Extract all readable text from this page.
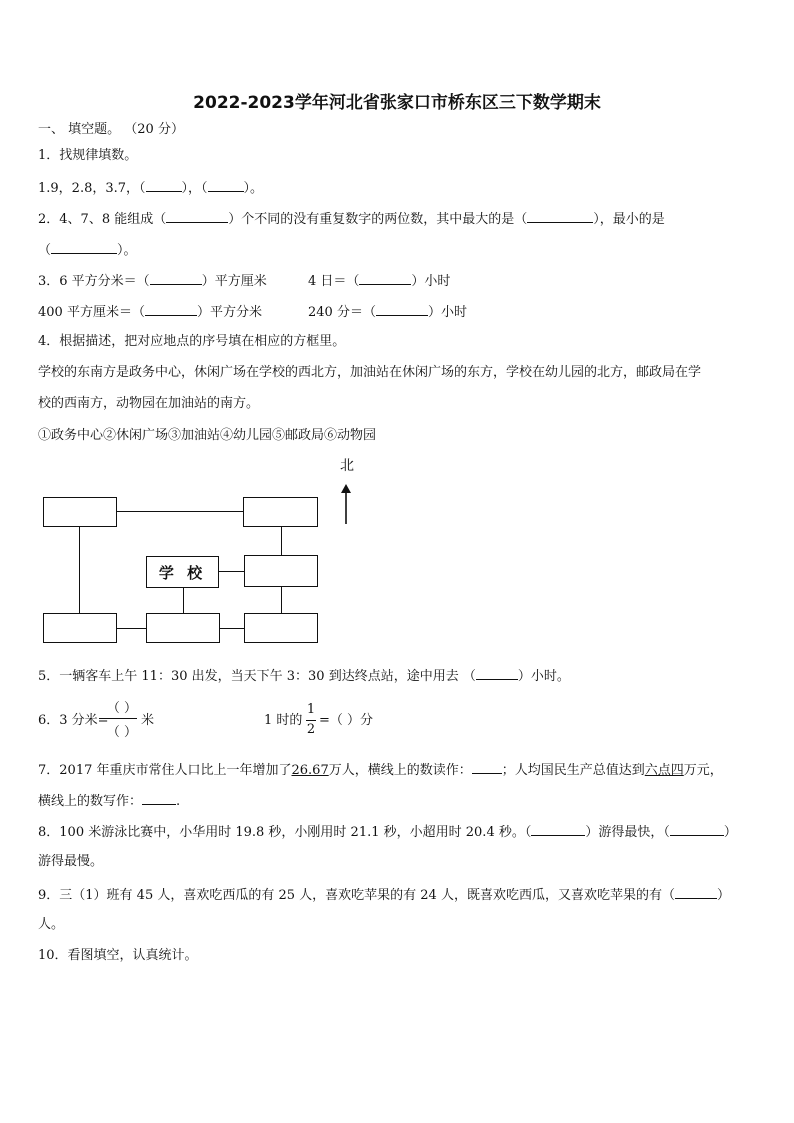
2022-2023学年河北省张家口市桥东区三下数学期末
一、 填空题。 （20 分）
1．找规律填数。
1.9，2.8，3.7，（	），（	）。
2．4、7、8 能组成（	）个不同的没有重复数字的两位数，其中最大的是（	），最小的是
（	）。
3．6 平方分米＝（	）平方厘米	4 日＝（	）小时
400 平方厘米＝（	）平方分米	240 分＝（	）小时
4．根据描述，把对应地点的序号填在相应的方框里。
学校的东南方是政务中心，休闲广场在学校的西北方，加油站在休闲广场的东方，学校在幼儿园的北方，邮政局在学
校的西南方，动物园在加油站的南方。
①政务中心②休闲广场③加油站④幼儿园⑤邮政局⑥动物园
学 校
北
5．一辆客车上午 11：30 出发，当天下午 3：30 到达终点站，途中用去 （	）小时。
6．3 分米=
（ ）
（ ）
米	1 时的
1
2
=（ ）分
7．2017 年重庆市常住人口比上一年增加了26.67万人，横线上的数读作： ；人均国民生产总值达到六点四万元，
横线上的数写作：	.
8．100 米游泳比赛中，小华用时 19.8 秒，小刚用时 21.1 秒，小超用时 20.4 秒。（	）游得最快，（	）
游得最慢。
9．三（1）班有 45 人，喜欢吃西瓜的有 25 人，喜欢吃苹果的有 24 人，既喜欢吃西瓜，又喜欢吃苹果的有（	）
人。
10．看图填空，认真统计。
